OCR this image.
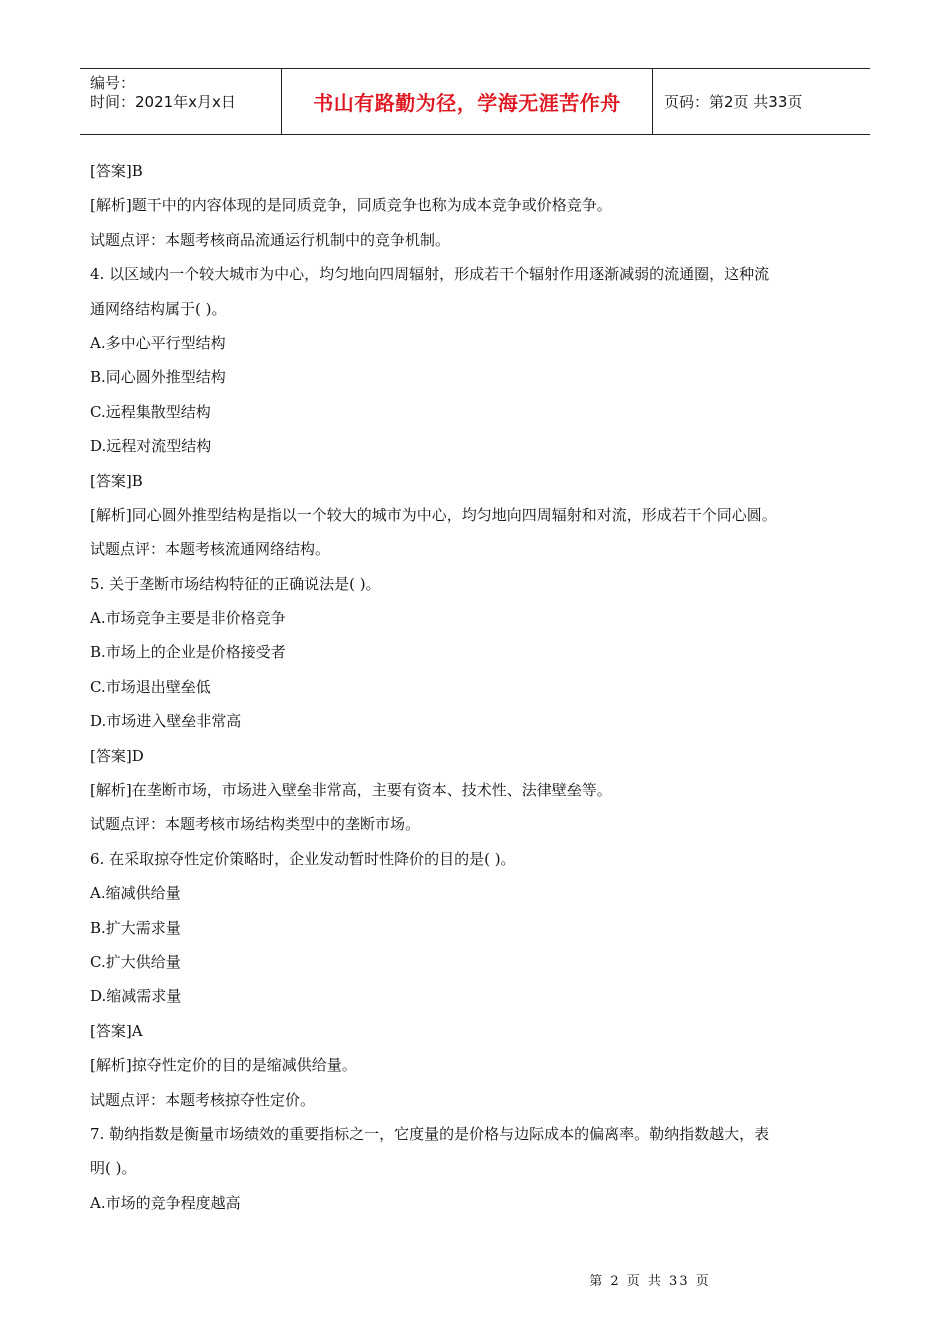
编号：
时间：2021年x月x日	书山有路勤为径，学海无涯苦作舟	页码：第2页 共33页
[答案]B
[解析]题干中的内容体现的是同质竞争，同质竞争也称为成本竞争或价格竞争。
试题点评：本题考核商品流通运行机制中的竞争机制。
4. 以区域内一个较大城市为中心，均匀地向四周辐射，形成若干个辐射作用逐渐减弱的流通圈，这种流
通网络结构属于( )。
A.多中心平行型结构
B.同心圆外推型结构
C.远程集散型结构
D.远程对流型结构
[答案]B
[解析]同心圆外推型结构是指以一个较大的城市为中心，均匀地向四周辐射和对流，形成若干个同心圆。
试题点评：本题考核流通网络结构。
5. 关于垄断市场结构特征的正确说法是( )。
A.市场竞争主要是非价格竞争
B.市场上的企业是价格接受者
C.市场退出壁垒低
D.市场进入壁垒非常高
[答案]D
[解析]在垄断市场，市场进入壁垒非常高，主要有资本、技术性、法律壁垒等。
试题点评：本题考核市场结构类型中的垄断市场。
6. 在采取掠夺性定价策略时，企业发动暂时性降价的目的是( )。
A.缩减供给量
B.扩大需求量
C.扩大供给量
D.缩减需求量
[答案]A
[解析]掠夺性定价的目的是缩减供给量。
试题点评：本题考核掠夺性定价。
7. 勒纳指数是衡量市场绩效的重要指标之一，它度量的是价格与边际成本的偏离率。勒纳指数越大，表
明( )。
A.市场的竞争程度越高
第 2 页 共 33 页
